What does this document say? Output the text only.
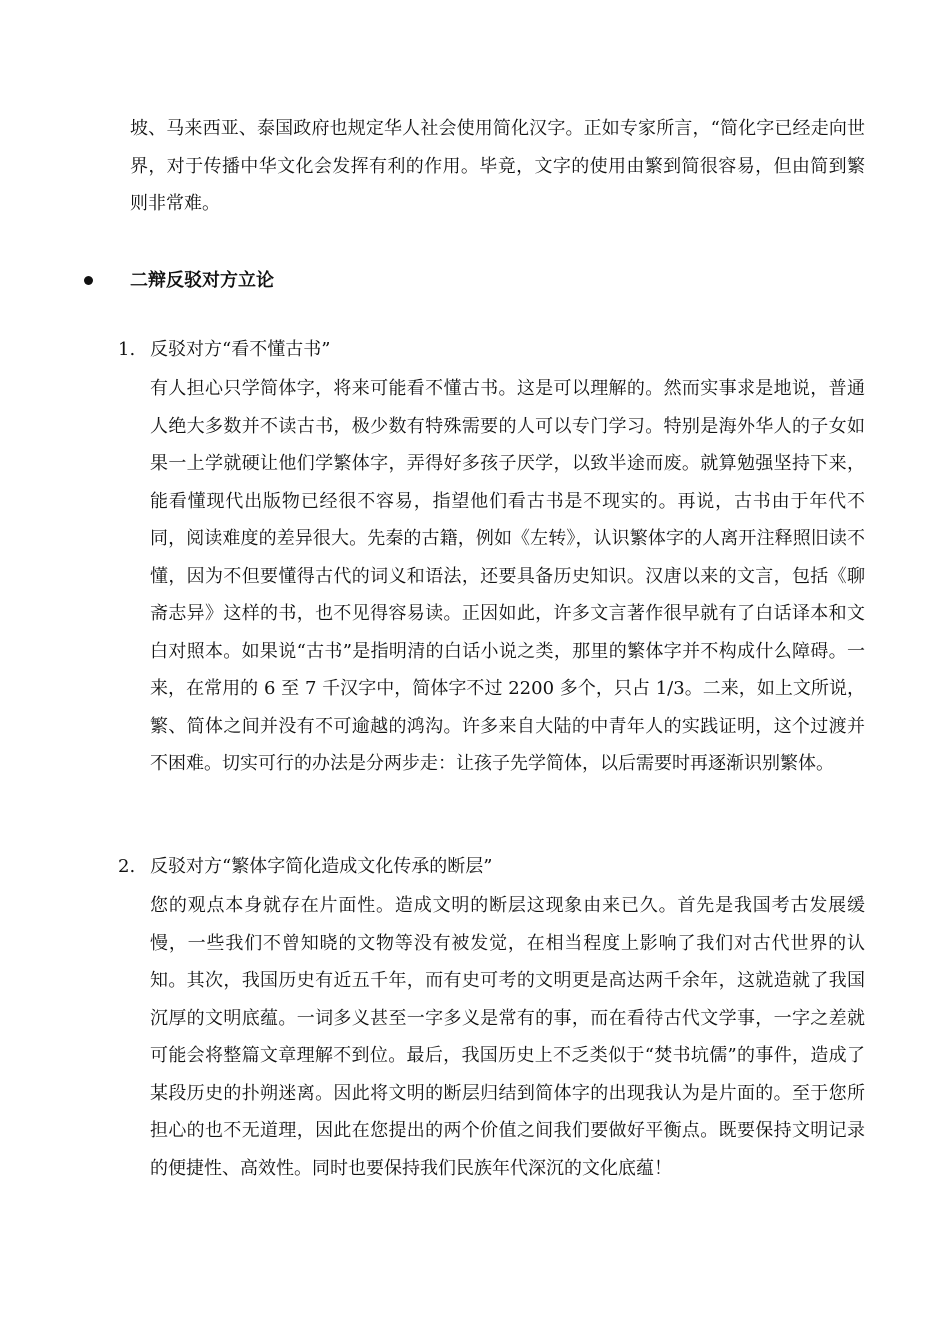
坡、马来西亚、泰国政府也规定华人社会使用简化汉字。正如专家所言，“简化字已经走向世界，对于传播中华文化会发挥有利的作用。毕竟，文字的使用由繁到简很容易，但由简到繁则非常难。

二辩反驳对方立论
1. 反驳对方“看不懂古书”

有人担心只学简体字，将来可能看不懂古书。这是可以理解的。然而实事求是地说，普通人绝大多数并不读古书，极少数有特殊需要的人可以专门学习。特别是海外华人的子女如果一上学就硬让他们学繁体字，弄得好多孩子厌学，以致半途而废。就算勉强坚持下来，能看懂现代出版物已经很不容易，指望他们看古书是不现实的。再说，古书由于年代不同，阅读难度的差异很大。先秦的古籍，例如《左转》，认识繁体字的人离开注释照旧读不懂，因为不但要懂得古代的词义和语法，还要具备历史知识。汉唐以来的文言，包括《聊斋志异》这样的书，也不见得容易读。正因如此，许多文言著作很早就有了白话译本和文白对照本。如果说“古书”是指明清的白话小说之类，那里的繁体字并不构成什么障碍。一来，在常用的 6 至 7 千汉字中，简体字不过 2200 多个，只占 1/3。二来，如上文所说，繁、简体之间并没有不可逾越的鸿沟。许多来自大陆的中青年人的实践证明，这个过渡并不困难。切实可行的办法是分两步走：让孩子先学简体，以后需要时再逐渐识别繁体。

2. 反驳对方“繁体字简化造成文化传承的断层”

您的观点本身就存在片面性。造成文明的断层这现象由来已久。首先是我国考古发展缓慢，一些我们不曾知晓的文物等没有被发觉，在相当程度上影响了我们对古代世界的认知。其次，我国历史有近五千年，而有史可考的文明更是高达两千余年，这就造就了我国沉厚的文明底蕴。一词多义甚至一字多义是常有的事，而在看待古代文学事，一字之差就可能会将整篇文章理解不到位。最后，我国历史上不乏类似于“焚书坑儒”的事件，造成了某段历史的扑朔迷离。因此将文明的断层归结到简体字的出现我认为是片面的。至于您所担心的也不无道理，因此在您提出的两个价值之间我们要做好平衡点。既要保持文明记录的便捷性、高效性。同时也要保持我们民族年代深沉的文化底蕴！
